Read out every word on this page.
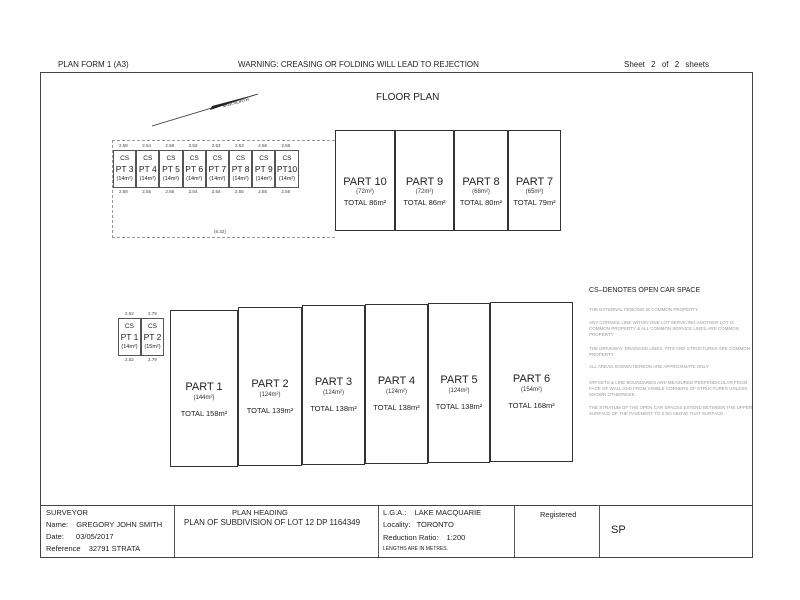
PLAN FORM 1 (A3)	WARNING: CREASING OR FOLDING WILL LEAD TO REJECTION	Sheet 2 of 2 sheets
FLOOR PLAN
MGA NORTH
(5.32)
CS
PT 3
(14m²)
2.58
2.58
CS
PT 4
(14m²)
2.54
2.55
CS
PT 5
(14m²)
2.58
2.56
CS
PT 6
(14m²)
2.52
2.54
CS
PT 7
(14m²)
2.53
2.54
CS
PT 8
(14m²)
2.53
2.55
CS
PT 9
(14m²)
2.56
2.55
CS
PT10
(14m²)
2.56
2.56
PART 10
(72m²)
TOTAL 86m²
PART 9
(72m²)
TOTAL 86m²
PART 8
(68m²)
TOTAL 80m²
PART 7
(65m²)
TOTAL 79m²
CS
PT 1
(14m²)
2.52
2.52
CS
PT 2
(15m²)
2.78
2.79
PART 1
(144m²)
TOTAL 158m²
PART 2
(124m²)
TOTAL 139m²
PART 3
(124m²)
TOTAL 138m²
PART 4
(124m²)
TOTAL 138m²
PART 5
(124m²)
TOTAL 138m²
PART 6
(154m²)
TOTAL 168m²
CS–DENOTES OPEN CAR SPACE
THE EXTERNAL FENCING IS COMMON PROPERTY
ANY CORNICE LINE WITHIN ONE LOT SERVICING ANOTHER LOT IS COMMON PROPERTY & ALL COMMON SERVICE LINES ARE COMMON PROPERTY
THE DRIVEWAY, DRAINAGE LINES, PITS AND STRUCTURES ARE COMMON PROPERTY
ALL AREAS SHOWN HEREON ARE APPROXIMATE ONLY
OFFSETS & LINE BOUNDARIES ARE MEASURED PERPENDICULAR FROM FACE OF WALL AND FROM VISIBLE CORNERS OF STRUCTURES UNLESS SHOWN OTHERWISE
THE STRATUM OF THE OPEN CAR SPACES EXTEND BETWEEN THE UPPER SURFACE OF THE PAVEMENT TO 2.5m ABOVE THAT SURFACE
SURVEYOR
Name: GREGORY JOHN SMITH
Date: 03/05/2017
Reference 32791 STRATA
PLAN HEADING
PLAN OF SUBDIVISION OF LOT 12 DP 1164349
L.G.A.: LAKE MACQUARIE
Locality: TORONTO
Reduction Ratio: 1:200
LENGTHS ARE IN METRES.
Registered
SP
